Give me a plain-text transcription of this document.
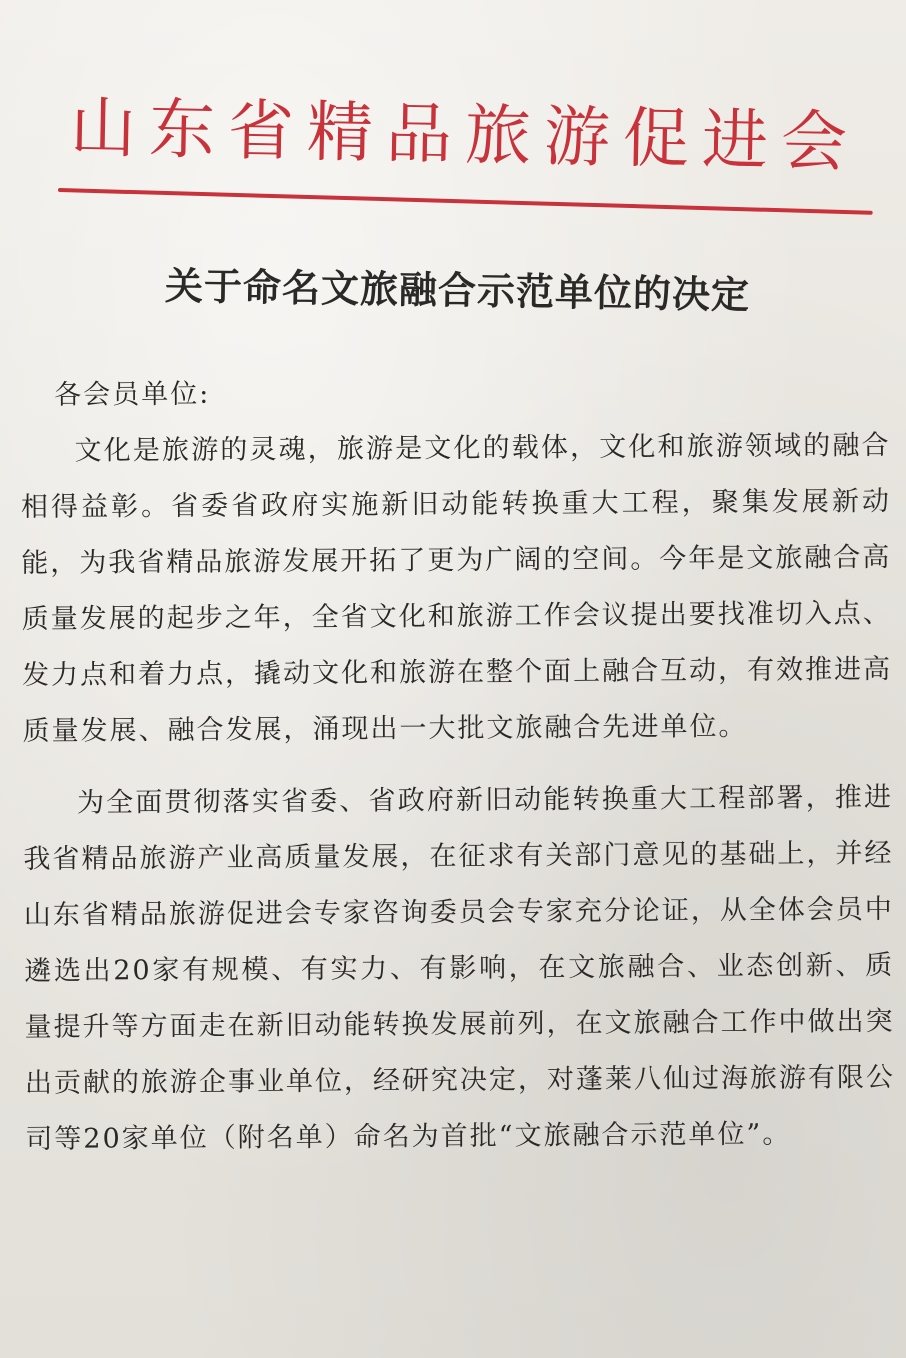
山东省精品旅游促进会
关于命名文旅融合示范单位的决定

各会员单位:

文化是旅游的灵魂，旅游是文化的载体，文化和旅游领域的融合相得益彰。省委省政府实施新旧动能转换重大工程，聚集发展新动能，为我省精品旅游发展开拓了更为广阔的空间。今年是文旅融合高质量发展的起步之年，全省文化和旅游工作会议提出要找准切入点、发力点和着力点，撬动文化和旅游在整个面上融合互动，有效推进高质量发展、融合发展，涌现出一大批文旅融合先进单位。

为全面贯彻落实省委、省政府新旧动能转换重大工程部署，推进我省精品旅游产业高质量发展，在征求有关部门意见的基础上，并经山东省精品旅游促进会专家咨询委员会专家充分论证，从全体会员中遴选出20家有规模、有实力、有影响，在文旅融合、业态创新、质量提升等方面走在新旧动能转换发展前列，在文旅融合工作中做出突出贡献的旅游企事业单位，经研究决定，对蓬莱八仙过海旅游有限公司等20家单位（附名单）命名为首批“文旅融合示范单位”。
